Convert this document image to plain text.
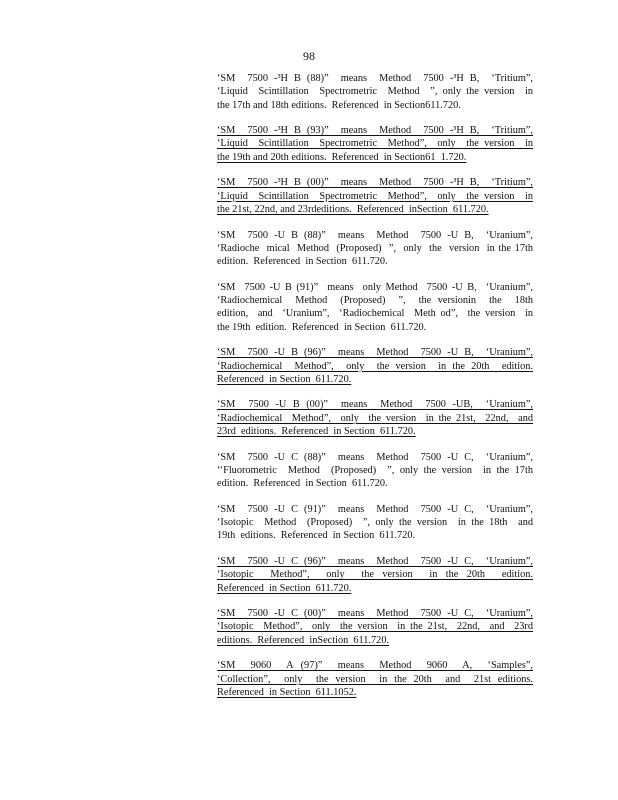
98
‘SM  7500 -³H B (88)”  means  Method  7500 -³H B,  ‘Tritium”,
‘Liquid  Scintillation  Spectrometric  Method  ”, only the version  in
the 17th and 18th editions.  Referenced  in Section611.720.
‘SM  7500 -³H B (93)”  means  Method  7500 -³H B,  ‘Tritium”,
‘Liquid  Scintillation  Spectrometric  Method”,  only  the version  in
the 19th and 20th editions.  Referenced  in Section61  1.720.
‘SM  7500 -³H B (00)”  means  Method  7500 -³H B,  ‘Tritium”,
‘Liquid  Scintillation  Spectrometric  Method”,  only  the version  in
the 21st, 22nd, and 23rdeditions.  Referenced  inSection  611.720.
‘SM  7500 -U B (88)”  means  Method  7500 -U B,  ‘Uranium”,
‘Radioche  mical  Method  (Proposed)  ”,  only  the  version  in the 17th
edition.  Referenced  in Section  611.720.
‘SM  7500 -U B (91)”  means  only Method  7500 -U B,  ‘Uranium”,
‘Radiochemical  Method  (Proposed)  ”,  the versionin  the  18th
edition,  and  ‘Uranium”,  ‘Radiochemical  Meth od”,  the version  in
the 19th  edition.  Referenced  in Section  611.720.
‘SM  7500 -U B (96)”  means  Method  7500 -U B,  ‘Uranium”,
‘Radiochemical  Method”,  only  the version  in the 20th  edition.
Referenced  in Section  611.720.
‘SM  7500 -U B (00)”  means  Method  7500 -UB,  ‘Uranium”,
‘Radiochemical  Method”,  only  the version  in the 21st,  22nd,  and
23rd  editions.  Referenced  in Section  611.720.
‘SM  7500 -U C (88)”  means  Method  7500 -U C,  ‘Uranium”,
‘‘Fluorometric  Method  (Proposed)  ”, only the version  in the 17th
edition.  Referenced  in Section  611.720.
‘SM  7500 -U C (91)”  means  Method  7500 -U C,  ‘Uranium”,
‘Isotopic  Method  (Proposed)  ”, only the version  in the 18th  and
19th  editions.  Referenced  in Section  611.720.
‘SM  7500 -U C (96)”  means  Method  7500 -U C,  ‘Uranium”,
‘Isotopic  Method”,  only  the version  in the 20th  edition.
Referenced  in Section  611.720.
‘SM  7500 -U C (00)”  means  Method  7500 -U C,  ‘Uranium”,
‘Isotopic  Method”,  only  the version  in the 21st,  22nd,  and  23rd
editions.  Referenced  inSection  611.720.
‘SM  9060  A (97)”  means  Method  9060  A,  ‘Samples”,
‘Collection”,  only  the version  in the 20th  and  21st editions.
Referenced  in Section  611.1052.
